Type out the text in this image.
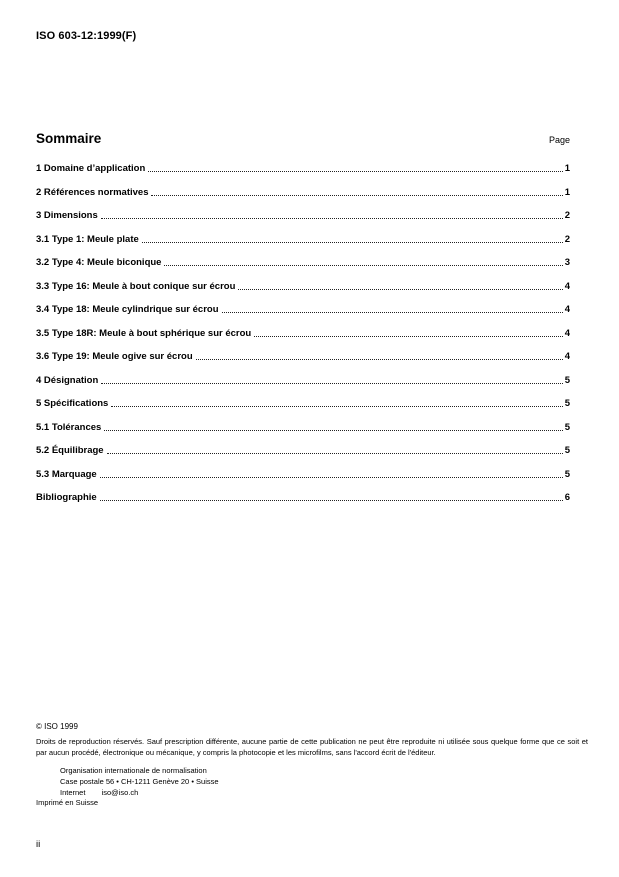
ISO 603-12:1999(F)
Sommaire	Page
1 Domaine d’application	1
2 Références normatives	1
3 Dimensions	2
3.1 Type 1: Meule plate	2
3.2 Type 4: Meule biconique	3
3.3 Type 16: Meule à bout conique sur écrou	4
3.4 Type 18: Meule cylindrique sur écrou	4
3.5 Type 18R: Meule à bout sphérique sur écrou	4
3.6 Type 19: Meule ogive sur écrou	4
4 Désignation	5
5 Spécifications	5
5.1 Tolérances	5
5.2 Équilibrage	5
5.3 Marquage	5
Bibliographie	6
© ISO 1999
Droits de reproduction réservés. Sauf prescription différente, aucune partie de cette publication ne peut être reproduite ni utilisée sous quelque forme que ce soit et par aucun procédé, électronique ou mécanique, y compris la photocopie et les microfilms, sans l'accord écrit de l'éditeur.
Organisation internationale de normalisation
Case postale 56 • CH-1211 Genève 20 • Suisse
Internet iso@iso.ch
Imprimé en Suisse
ii
